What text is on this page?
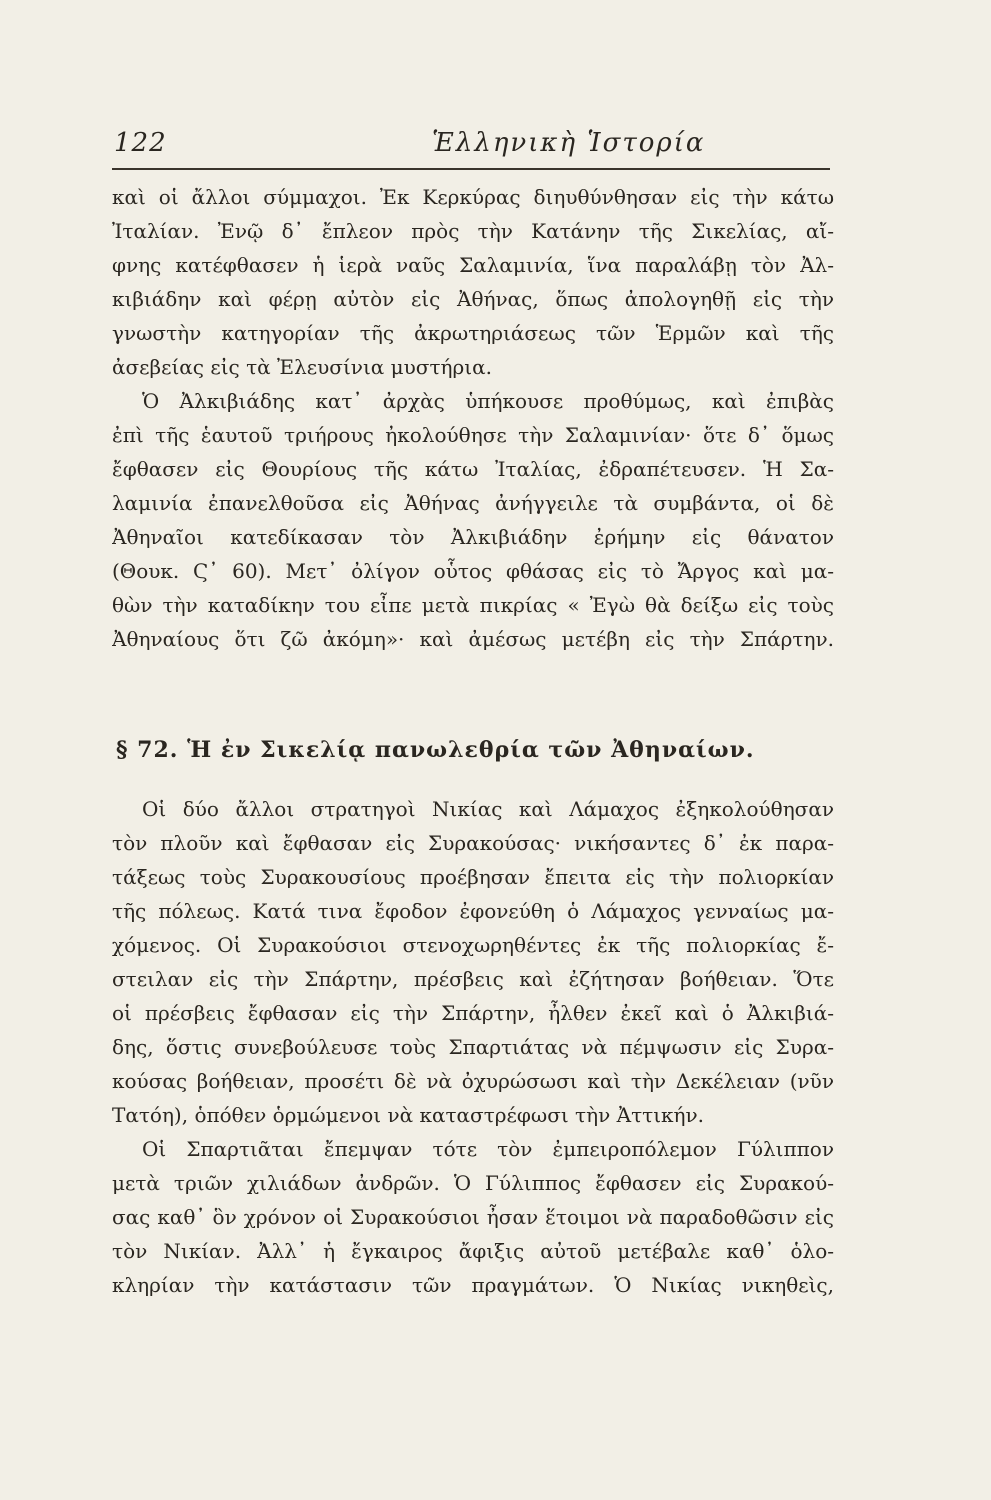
122	Ἑλληνικὴ Ἱστορία
καὶ οἱ ἄλλοι σύμμαχοι. Ἐκ Κερκύρας διηυθύνθησαν εἰς τὴν κάτω
Ἰταλίαν. Ἐνῷ δ᾽ ἔπλεον πρὸς τὴν Κατάνην τῆς Σικελίας, αἴ-
φνης κατέφθασεν ἡ ἱερὰ ναῦς Σαλαμινία, ἵνα παραλάβῃ τὸν Ἀλ-
κιβιάδην καὶ φέρῃ αὐτὸν εἰς Ἀθήνας, ὅπως ἀπολογηθῇ εἰς τὴν
γνωστὴν κατηγορίαν τῆς ἀκρωτηριάσεως τῶν Ἑρμῶν καὶ τῆς
ἀσεβείας εἰς τὰ Ἐλευσίνια μυστήρια.
Ὁ Ἀλκιβιάδης κατ᾽ ἀρχὰς ὑπήκουσε προθύμως, καὶ ἐπιβὰς
ἐπὶ τῆς ἑαυτοῦ τριήρους ἠκολούθησε τὴν Σαλαμινίαν· ὅτε δ᾽ ὅμως
ἔφθασεν εἰς Θουρίους τῆς κάτω Ἰταλίας, ἐδραπέτευσεν. Ἡ Σα-
λαμινία ἐπανελθοῦσα εἰς Ἀθήνας ἀνήγγειλε τὰ συμβάντα, οἱ δὲ
Ἀθηναῖοι κατεδίκασαν τὸν Ἀλκιβιάδην ἐρήμην εἰς θάνατον
(Θουκ. Ϛ᾽ 60). Μετ᾽ ὀλίγον οὗτος φθάσας εἰς τὸ Ἄργος καὶ μα-
θὼν τὴν καταδίκην του εἶπε μετὰ πικρίας « Ἐγὼ θὰ δείξω εἰς τοὺς
Ἀθηναίους ὅτι ζῶ ἀκόμη»· καὶ ἀμέσως μετέβη εἰς τὴν Σπάρτην.
§ 72. Ἡ ἐν Σικελίᾳ πανωλεθρία τῶν Ἀθηναίων.
Οἱ δύο ἄλλοι στρατηγοὶ Νικίας καὶ Λάμαχος ἐξηκολούθησαν
τὸν πλοῦν καὶ ἔφθασαν εἰς Συρακούσας· νικήσαντες δ᾽ ἐκ παρα-
τάξεως τοὺς Συρακουσίους προέβησαν ἔπειτα εἰς τὴν πολιορκίαν
τῆς πόλεως. Κατά τινα ἔφοδον ἐφονεύθη ὁ Λάμαχος γενναίως μα-
χόμενος. Οἱ Συρακούσιοι στενοχωρηθέντες ἐκ τῆς πολιορκίας ἔ-
στειλαν εἰς τὴν Σπάρτην, πρέσβεις καὶ ἐζήτησαν βοήθειαν. Ὅτε
οἱ πρέσβεις ἔφθασαν εἰς τὴν Σπάρτην, ἦλθεν ἐκεῖ καὶ ὁ Ἀλκιβιά-
δης, ὅστις συνεβούλευσε τοὺς Σπαρτιάτας νὰ πέμψωσιν εἰς Συρα-
κούσας βοήθειαν, προσέτι δὲ νὰ ὀχυρώσωσι καὶ τὴν Δεκέλειαν (νῦν
Τατόη), ὁπόθεν ὁρμώμενοι νὰ καταστρέφωσι τὴν Ἀττικήν.
Οἱ Σπαρτιᾶται ἔπεμψαν τότε τὸν ἐμπειροπόλεμον Γύλιππον
μετὰ τριῶν χιλιάδων ἀνδρῶν. Ὁ Γύλιππος ἔφθασεν εἰς Συρακού-
σας καθ᾽ ὃν χρόνον οἱ Συρακούσιοι ἦσαν ἕτοιμοι νὰ παραδοθῶσιν εἰς
τὸν Νικίαν. Ἀλλ᾽ ἡ ἔγκαιρος ἄφιξις αὐτοῦ μετέβαλε καθ᾽ ὁλο-
κληρίαν τὴν κατάστασιν τῶν πραγμάτων. Ὁ Νικίας νικηθεὶς,
